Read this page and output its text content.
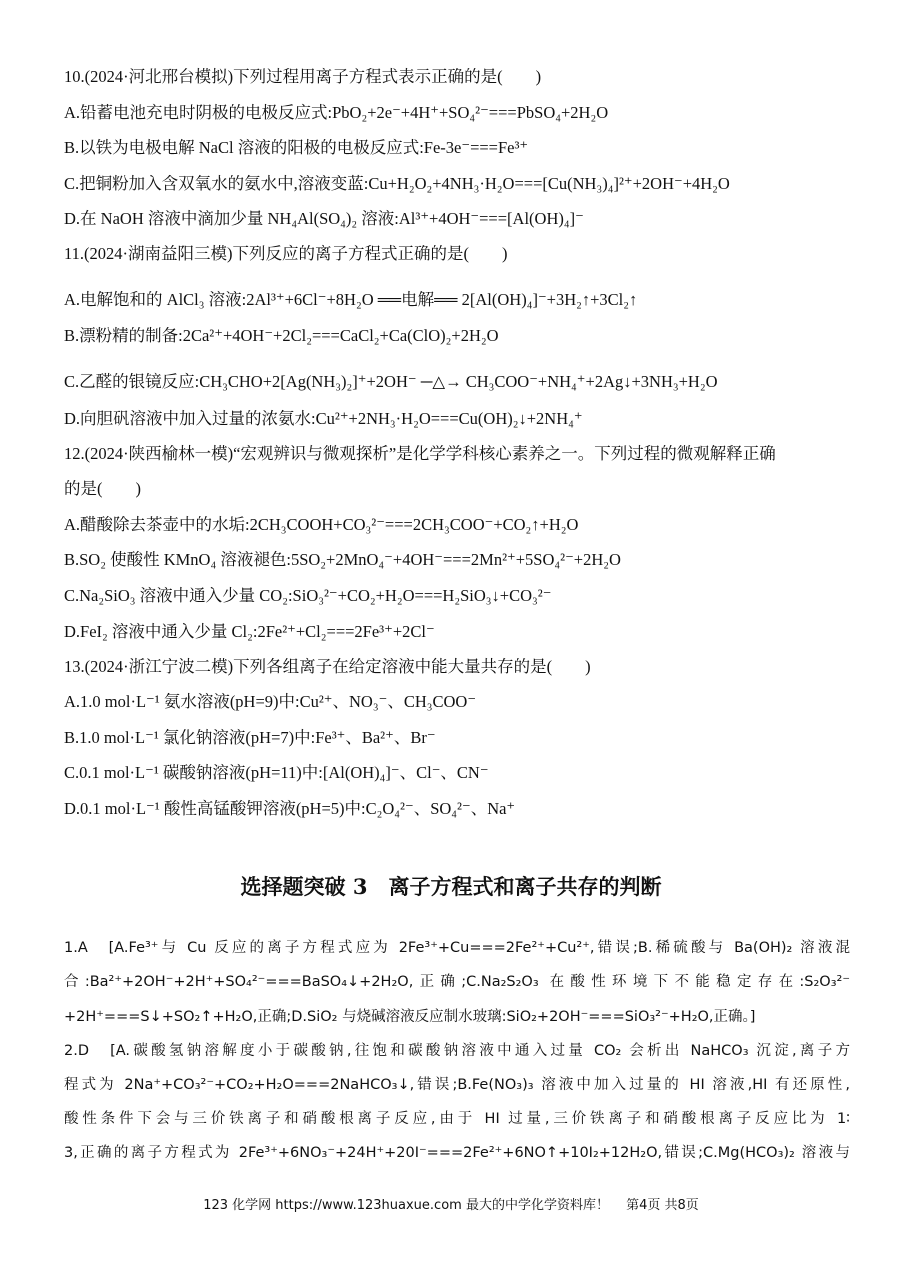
10.(2024·河北邢台模拟)下列过程用离子方程式表示正确的是(　　)
A.铅蓄电池充电时阴极的电极反应式:PbO₂+2e⁻+4H⁺+SO₄²⁻===PbSO₄+2H₂O
B.以铁为电极电解 NaCl 溶液的阳极的电极反应式:Fe-3e⁻===Fe³⁺
C.把铜粉加入含双氧水的氨水中,溶液变蓝:Cu+H₂O₂+4NH₃·H₂O===[Cu(NH₃)₄]²⁺+2OH⁻+4H₂O
D.在 NaOH 溶液中滴加少量 NH₄Al(SO₄)₂ 溶液:Al³⁺+4OH⁻===[Al(OH)₄]⁻
11.(2024·湖南益阳三模)下列反应的离子方程式正确的是(　　)
A.电解饱和的 AlCl₃ 溶液:2Al³⁺+6Cl⁻+8H₂O ══电解══ 2[Al(OH)₄]⁻+3H₂↑+3Cl₂↑
B.漂粉精的制备:2Ca²⁺+4OH⁻+2Cl₂===CaCl₂+Ca(ClO)₂+2H₂O
C.乙醛的银镜反应:CH₃CHO+2[Ag(NH₃)₂]⁺+2OH⁻ ─△→ CH₃COO⁻+NH₄⁺+2Ag↓+3NH₃+H₂O
D.向胆矾溶液中加入过量的浓氨水:Cu²⁺+2NH₃·H₂O===Cu(OH)₂↓+2NH₄⁺
12.(2024·陕西榆林一模)“宏观辨识与微观探析”是化学学科核心素养之一。下列过程的微观解释正确
的是(　　)
A.醋酸除去茶壶中的水垢:2CH₃COOH+CO₃²⁻===2CH₃COO⁻+CO₂↑+H₂O
B.SO₂ 使酸性 KMnO₄ 溶液褪色:5SO₂+2MnO₄⁻+4OH⁻===2Mn²⁺+5SO₄²⁻+2H₂O
C.Na₂SiO₃ 溶液中通入少量 CO₂:SiO₃²⁻+CO₂+H₂O===H₂SiO₃↓+CO₃²⁻
D.FeI₂ 溶液中通入少量 Cl₂:2Fe²⁺+Cl₂===2Fe³⁺+2Cl⁻
13.(2024·浙江宁波二模)下列各组离子在给定溶液中能大量共存的是(　　)
A.1.0 mol·L⁻¹ 氨水溶液(pH=9)中:Cu²⁺、NO₃⁻、CH₃COO⁻
B.1.0 mol·L⁻¹ 氯化钠溶液(pH=7)中:Fe³⁺、Ba²⁺、Br⁻
C.0.1 mol·L⁻¹ 碳酸钠溶液(pH=11)中:[Al(OH)₄]⁻、Cl⁻、CN⁻
D.0.1 mol·L⁻¹ 酸性高锰酸钾溶液(pH=5)中:C₂O₄²⁻、SO₄²⁻、Na⁺
选择题突破 3　离子方程式和离子共存的判断
1.A　[A.Fe³⁺与 Cu 反应的离子方程式应为 2Fe³⁺+Cu===2Fe²⁺+Cu²⁺,错误;B.稀硫酸与 Ba(OH)₂ 溶液混
合:Ba²⁺+2OH⁻+2H⁺+SO₄²⁻===BaSO₄↓+2H₂O,正确;C.Na₂S₂O₃ 在酸性环境下不能稳定存在:S₂O₃²⁻
+2H⁺===S↓+SO₂↑+H₂O,正确;D.SiO₂ 与烧碱溶液反应制水玻璃:SiO₂+2OH⁻===SiO₃²⁻+H₂O,正确。]
2.D　[A.碳酸氢钠溶解度小于碳酸钠,往饱和碳酸钠溶液中通入过量 CO₂ 会析出 NaHCO₃ 沉淀,离子方
程式为 2Na⁺+CO₃²⁻+CO₂+H₂O===2NaHCO₃↓,错误;B.Fe(NO₃)₃ 溶液中加入过量的 HI 溶液,HI 有还原性,
酸性条件下会与三价铁离子和硝酸根离子反应,由于 HI 过量,三价铁离子和硝酸根离子反应比为 1∶
3,正确的离子方程式为 2Fe³⁺+6NO₃⁻+24H⁺+20I⁻===2Fe²⁺+6NO↑+10I₂+12H₂O,错误;C.Mg(HCO₃)₂ 溶液与
123 化学网 https://www.123huaxue.com 最大的中学化学资料库！　 第4页 共8页
